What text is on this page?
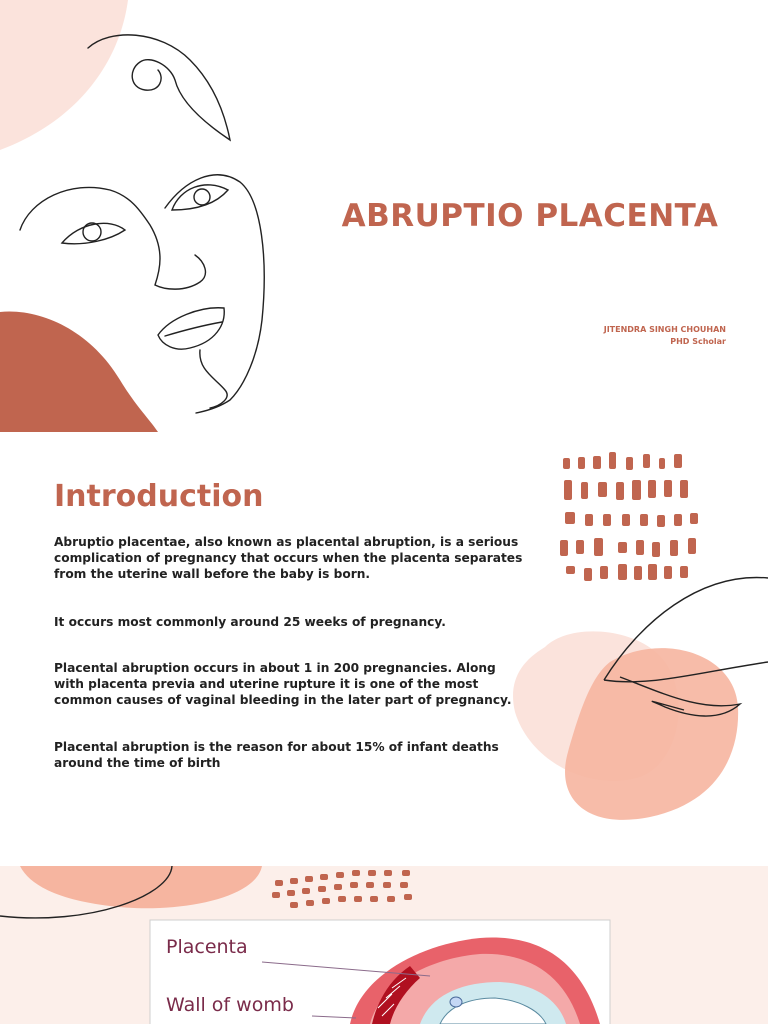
ABRUPTIO PLACENTA
JITENDRA SINGH CHOUHAN
PHD Scholar
Introduction
Abruptio placentae, also known as placental abruption, is a serious complication of pregnancy that occurs when the placenta separates from the uterine wall before the baby is born.
It occurs most commonly around 25 weeks of pregnancy.
Placental abruption occurs in about 1 in 200 pregnancies. Along with placenta previa and uterine rupture it is one of the most common causes of vaginal bleeding in the later part of pregnancy.
Placental abruption is the reason for about 15% of infant deaths around the time of birth
Placenta
Wall of womb
